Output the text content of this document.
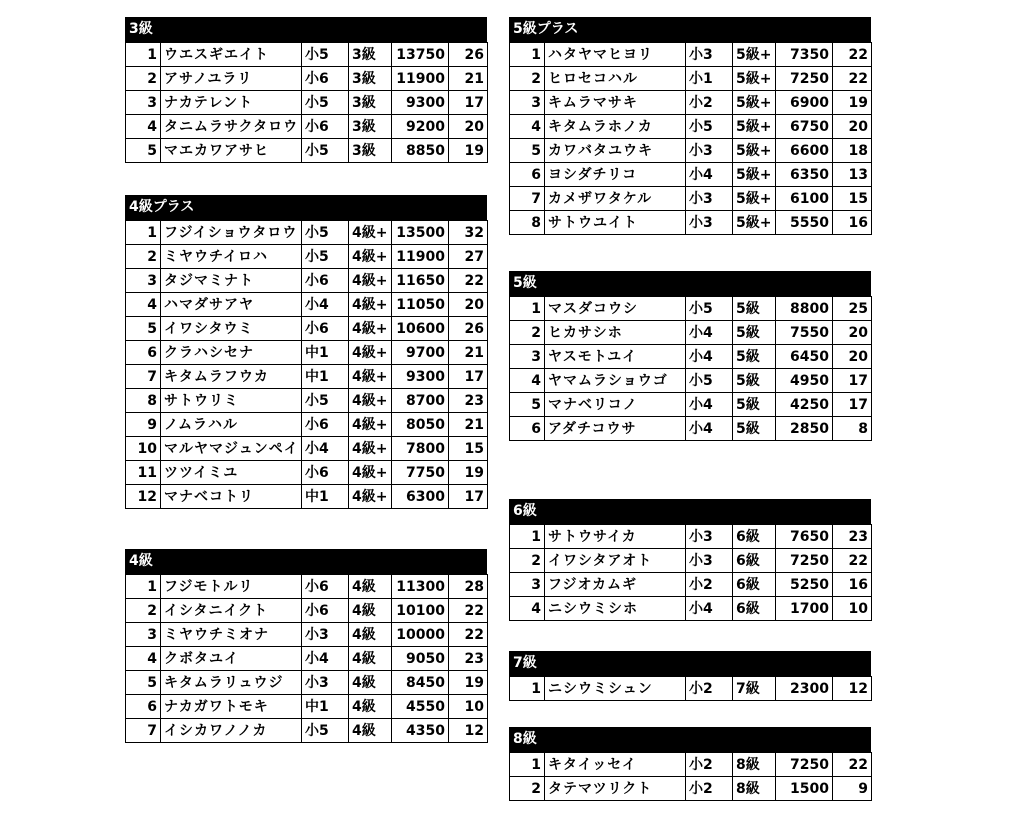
3級
1	ウエスギエイト	小5	3級	13750	26
2	アサノユラリ	小6	3級	11900	21
3	ナカテレント	小5	3級	9300	17
4	タニムラサクタロウ	小6	3級	9200	20
5	マエカワアサヒ	小5	3級	8850	19
4級プラス
1	フジイショウタロウ	小5	4級+	13500	32
2	ミヤウチイロハ	小5	4級+	11900	27
3	タジマミナト	小6	4級+	11650	22
4	ハマダサアヤ	小4	4級+	11050	20
5	イワシタウミ	小6	4級+	10600	26
6	クラハシセナ	中1	4級+	9700	21
7	キタムラフウカ	中1	4級+	9300	17
8	サトウリミ	小5	4級+	8700	23
9	ノムラハル	小6	4級+	8050	21
10	マルヤマジュンペイ	小4	4級+	7800	15
11	ツツイミユ	小6	4級+	7750	19
12	マナベコトリ	中1	4級+	6300	17
4級
1	フジモトルリ	小6	4級	11300	28
2	イシタニイクト	小6	4級	10100	22
3	ミヤウチミオナ	小3	4級	10000	22
4	クボタユイ	小4	4級	9050	23
5	キタムラリュウジ	小3	4級	8450	19
6	ナカガワトモキ	中1	4級	4550	10
7	イシカワノノカ	小5	4級	4350	12
5級プラス
1	ハタヤマヒヨリ	小3	5級+	7350	22
2	ヒロセコハル	小1	5級+	7250	22
3	キムラマサキ	小2	5級+	6900	19
4	キタムラホノカ	小5	5級+	6750	20
5	カワバタユウキ	小3	5級+	6600	18
6	ヨシダチリコ	小4	5級+	6350	13
7	カメザワタケル	小3	5級+	6100	15
8	サトウユイト	小3	5級+	5550	16
5級
1	マスダコウシ	小5	5級	8800	25
2	ヒカサシホ	小4	5級	7550	20
3	ヤスモトユイ	小4	5級	6450	20
4	ヤマムラショウゴ	小5	5級	4950	17
5	マナベリコノ	小4	5級	4250	17
6	アダチコウサ	小4	5級	2850	8
6級
1	サトウサイカ	小3	6級	7650	23
2	イワシタアオト	小3	6級	7250	22
3	フジオカムギ	小2	6級	5250	16
4	ニシウミシホ	小4	6級	1700	10
7級
1	ニシウミシュン	小2	7級	2300	12
8級
1	キタイッセイ	小2	8級	7250	22
2	タテマツリクト	小2	8級	1500	9
